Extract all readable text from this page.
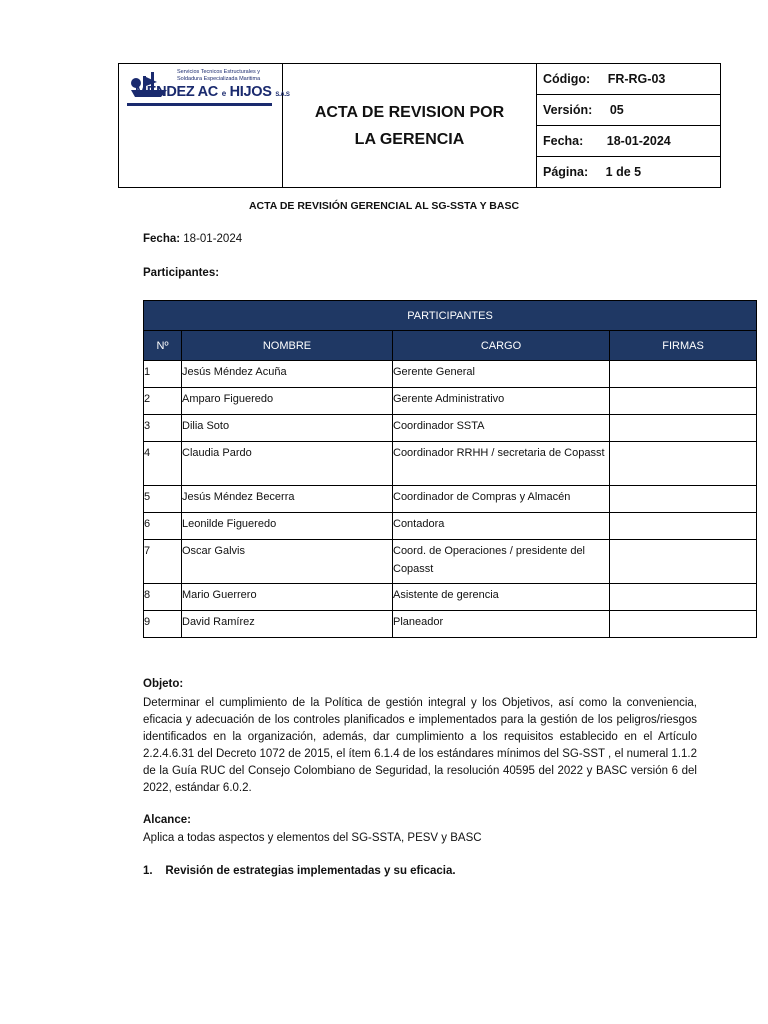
Servicios Tecnicos Estructurales y
Soldadura Especializada Maritima
MENDEZ AC e HIJOS S.A.S

ACTA DE REVISION POR LA GERENCIA
	Código: FR-RG-03
Versión: 05
Fecha: 18-01-2024
Página: 1 de 5
ACTA DE REVISIÓN GERENCIAL AL SG-SSTA Y BASC
Fecha: 18-01-2024
Participantes:
PARTICIPANTES			
Nº	NOMBRE	CARGO	FIRMAS
1	Jesús Méndez Acuña	Gerente General	
2	Amparo Figueredo	Gerente Administrativo	
3	Dilia Soto	Coordinador SSTA	
4	Claudia Pardo	Coordinador RRHH / secretaria de Copasst	
5	Jesús Méndez Becerra	Coordinador de Compras y Almacén	
6	Leonilde Figueredo	Contadora	
7	Oscar Galvis	Coord. de Operaciones / presidente del Copasst	
8	Mario Guerrero	Asistente de gerencia	
9	David Ramírez	Planeador	
Objeto:
Determinar el cumplimiento de la Política de gestión integral y los Objetivos, así como la conveniencia, eficacia y adecuación de los controles planificados e implementados para la gestión de los peligros/riesgos identificados en la organización, además, dar cumplimiento a los requisitos establecido en el Artículo 2.2.4.6.31 del Decreto 1072 de 2015, el ítem 6.1.4 de los estándares mínimos del SG-SST , el numeral 1.1.2 de la Guía RUC del Consejo Colombiano de Seguridad, la resolución 40595 del 2022 y BASC versión 6 del 2022, estándar 6.0.2.
Alcance:
Aplica a todas aspectos y elementos del SG-SSTA, PESV y BASC
1.    Revisión de estrategias implementadas y su eficacia.
